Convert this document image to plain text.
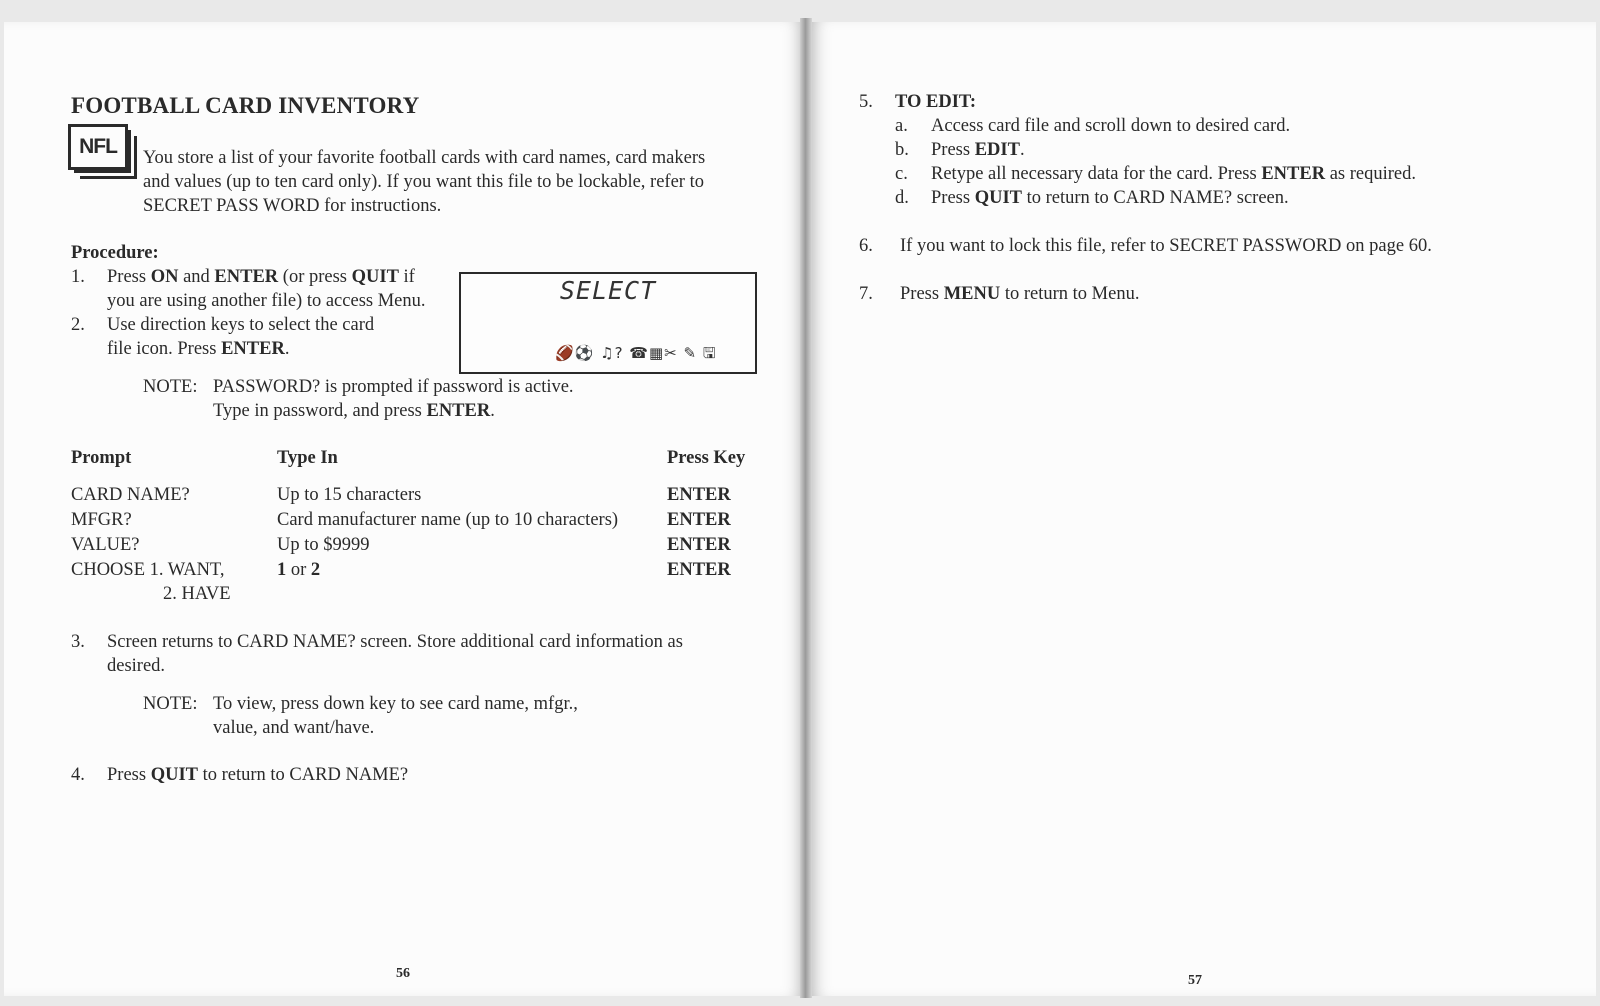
FOOTBALL CARD INVENTORY
NFL	You store a list of your favorite football cards with card names, card makers
and values (up to ten card only). If you want this file to be lockable, refer to
SECRET PASS WORD for instructions.
Procedure:
1. Press ON and ENTER (or press QUIT if
you are using another file) to access Menu.
2. Use direction keys to select the card
file icon. Press ENTER.
SELECT
🏈⚽ ♫? ☎▦✂ ✎ 🖫
NOTE: PASSWORD? is prompted if password is active.
Type in password, and press ENTER.
Prompt	Type In	Press Key
CARD NAME?	Up to 15 characters	ENTER
MFGR?	Card manufacturer name (up to 10 characters)	ENTER
VALUE?	Up to $9999	ENTER
CHOOSE 1. WANT,	1 or 2	ENTER
2. HAVE
3. Screen returns to CARD NAME? screen. Store additional card information as
desired.
NOTE: To view, press down key to see card name, mfgr.,
value, and want/have.
4. Press QUIT to return to CARD NAME?
56
5. TO EDIT:
a. Access card file and scroll down to desired card.
b. Press EDIT.
c. Retype all necessary data for the card. Press ENTER as required.
d. Press QUIT to return to CARD NAME? screen.
6. If you want to lock this file, refer to SECRET PASSWORD on page 60.
7. Press MENU to return to Menu.
57
